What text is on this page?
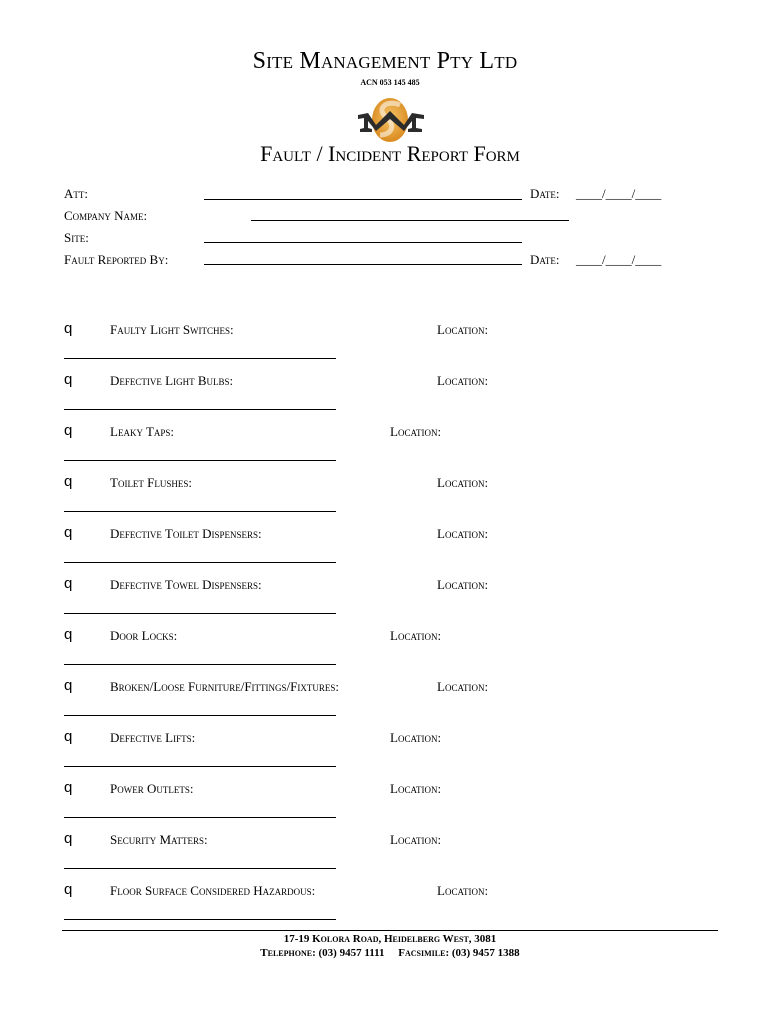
Site Management Pty Ltd
ACN 053 145 485
Fault / Incident Report Form
Att:	Date: ____/____/____
Company Name:
Site:
Fault Reported By:	Date: ____/____/____
q	Faulty Light Switches:	Location:
q	Defective Light Bulbs:	Location:
q	Leaky Taps:	Location:
q	Toilet Flushes:	Location:
q	Defective Toilet Dispensers:	Location:
q	Defective Towel Dispensers:	Location:
q	Door Locks:	Location:
q	Broken/Loose Furniture/Fittings/Fixtures:	Location:
q	Defective Lifts:	Location:
q	Power Outlets:	Location:
q	Security Matters:	Location:
q	Floor Surface Considered Hazardous:	Location:
17-19 Kolora Road, Heidelberg West, 3081
Telephone: (03) 9457 1111 Facsimile: (03) 9457 1388
